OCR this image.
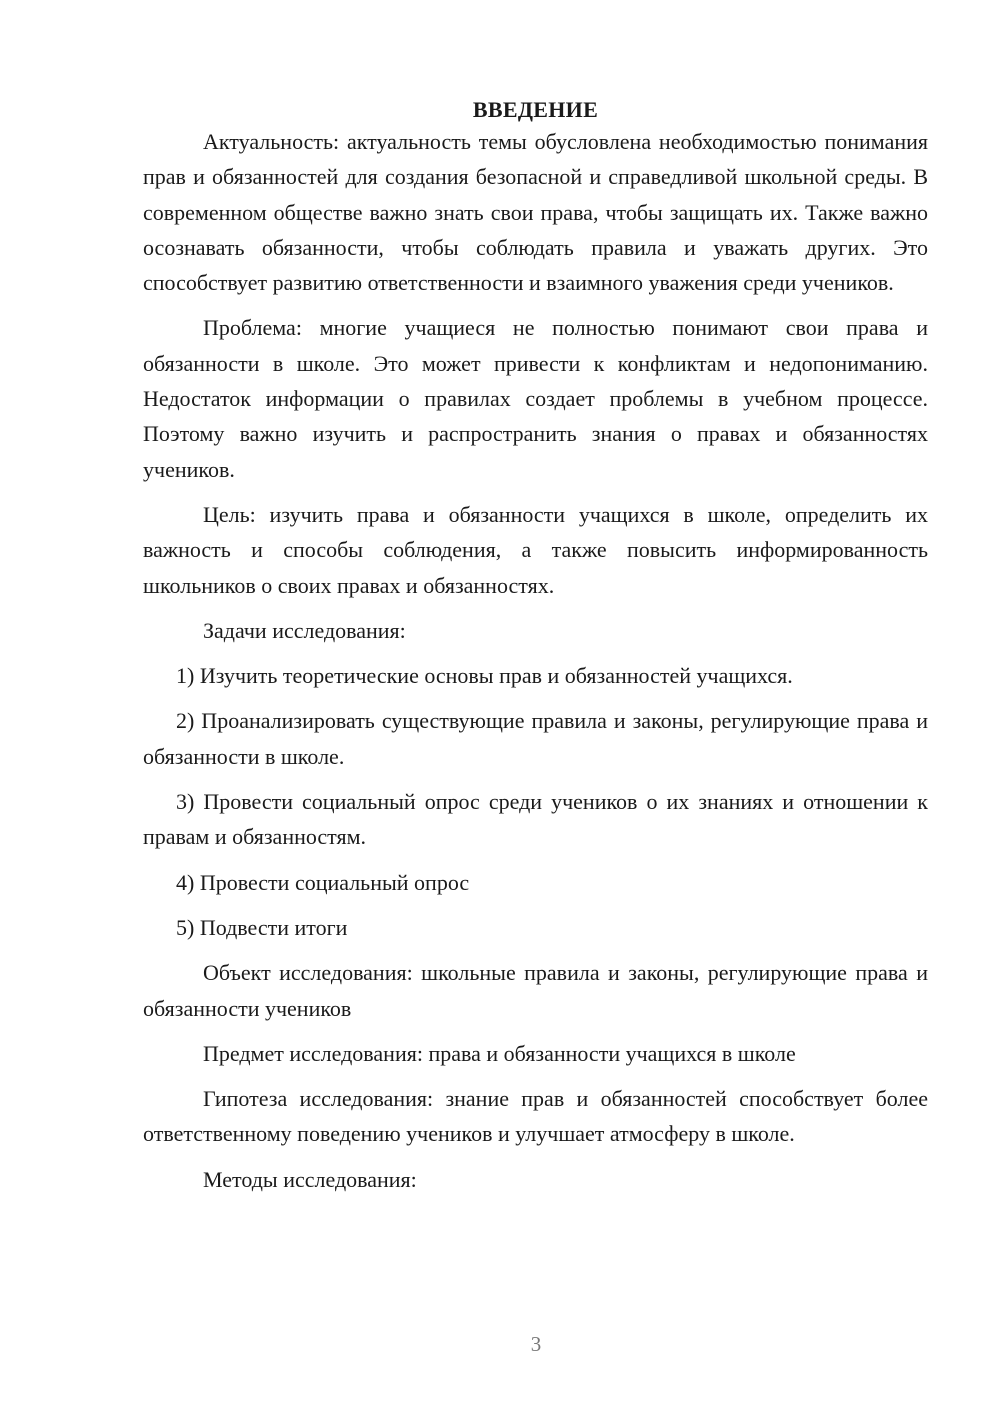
ВВЕДЕНИЕ

Актуальность: актуальность темы обусловлена необходимостью понимания прав и обязанностей для создания безопасной и справедливой школьной среды. В современном обществе важно знать свои права, чтобы защищать их. Также важно осознавать обязанности, чтобы соблюдать правила и уважать других. Это способствует развитию ответственности и взаимного уважения среди учеников.

Проблема: многие учащиеся не полностью понимают свои права и обязанности в школе. Это может привести к конфликтам и недопониманию. Недостаток информации о правилах создает проблемы в учебном процессе. Поэтому важно изучить и распространить знания о правах и обязанностях учеников.

Цель: изучить права и обязанности учащихся в школе, определить их важность и способы соблюдения, а также повысить информированность школьников о своих правах и обязанностях.

Задачи исследования:

1) Изучить теоретические основы прав и обязанностей учащихся.

2) Проанализировать существующие правила и законы, регулирующие права и обязанности в школе.

3) Провести социальный опрос среди учеников о их знаниях и отношении к правам и обязанностям.

4) Провести социальный опрос

5) Подвести итоги

Объект исследования: школьные правила и законы, регулирующие права и обязанности учеников

Предмет исследования: права и обязанности учащихся в школе

Гипотеза исследования: знание прав и обязанностей способствует более ответственному поведению учеников и улучшает атмосферу в школе.

Методы исследования:

3
